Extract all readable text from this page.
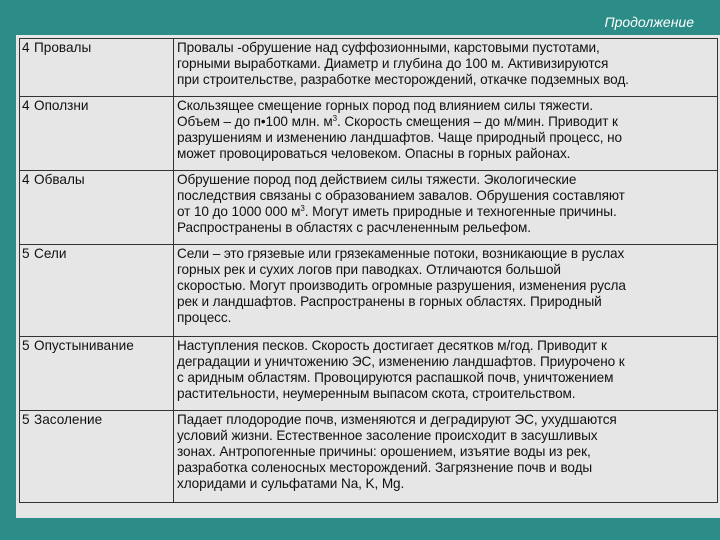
Продолжение
4	Провалы	Провалы -обрушение над суффозионными, карстовыми пустотами,
горными выработками. Диаметр и глубина до 100 м. Активизируются
при строительстве, разработке месторождений, откачке подземных вод.

4	Оползни	Скользящее смещение горных пород под влиянием силы тяжести.
Объем – до п•100 млн. $м^3$. Скорость смещения – до м/мин. Приводит к
разрушениям и изменению ландшафтов. Чаще природный процесс, но
может провоцироваться человеком. Опасны в горных районах.

4	Обвалы	Обрушение пород под действием силы тяжести. Экологические
последствия связаны с образованием завалов. Обрушения составляют
от 10 до 1000 000 $м^3$. Могут иметь природные и техногенные причины.
Распространены в областях с расчлененным рельефом.

5	Сели	Сели – это грязевые или грязекаменные потоки, возникающие в руслах
горных рек и сухих логов при паводках. Отличаются большой
скоростью. Могут производить огромные разрушения, изменения русла
рек и ландшафтов. Распространены в горных областях. Природный
процесс.

5	Опустынивание	Наступления песков. Скорость достигает десятков м/год. Приводит к
деградации и уничтожению ЭС, изменению ландшафтов. Приурочено к
с аридным областям. Провоцируются распашкой почв, уничтожением
растительности, неумеренным выпасом скота, строительством.

5	Засоление	Падает плодородие почв, изменяются и деградируют ЭС, ухудшаются
условий жизни. Естественное засоление происходит в засушливых
зонах. Антропогенные причины: орошением, изъятие воды из рек,
разработка соленосных месторождений. Загрязнение почв и воды
хлоридами и сульфатами Na, K, Mg.
